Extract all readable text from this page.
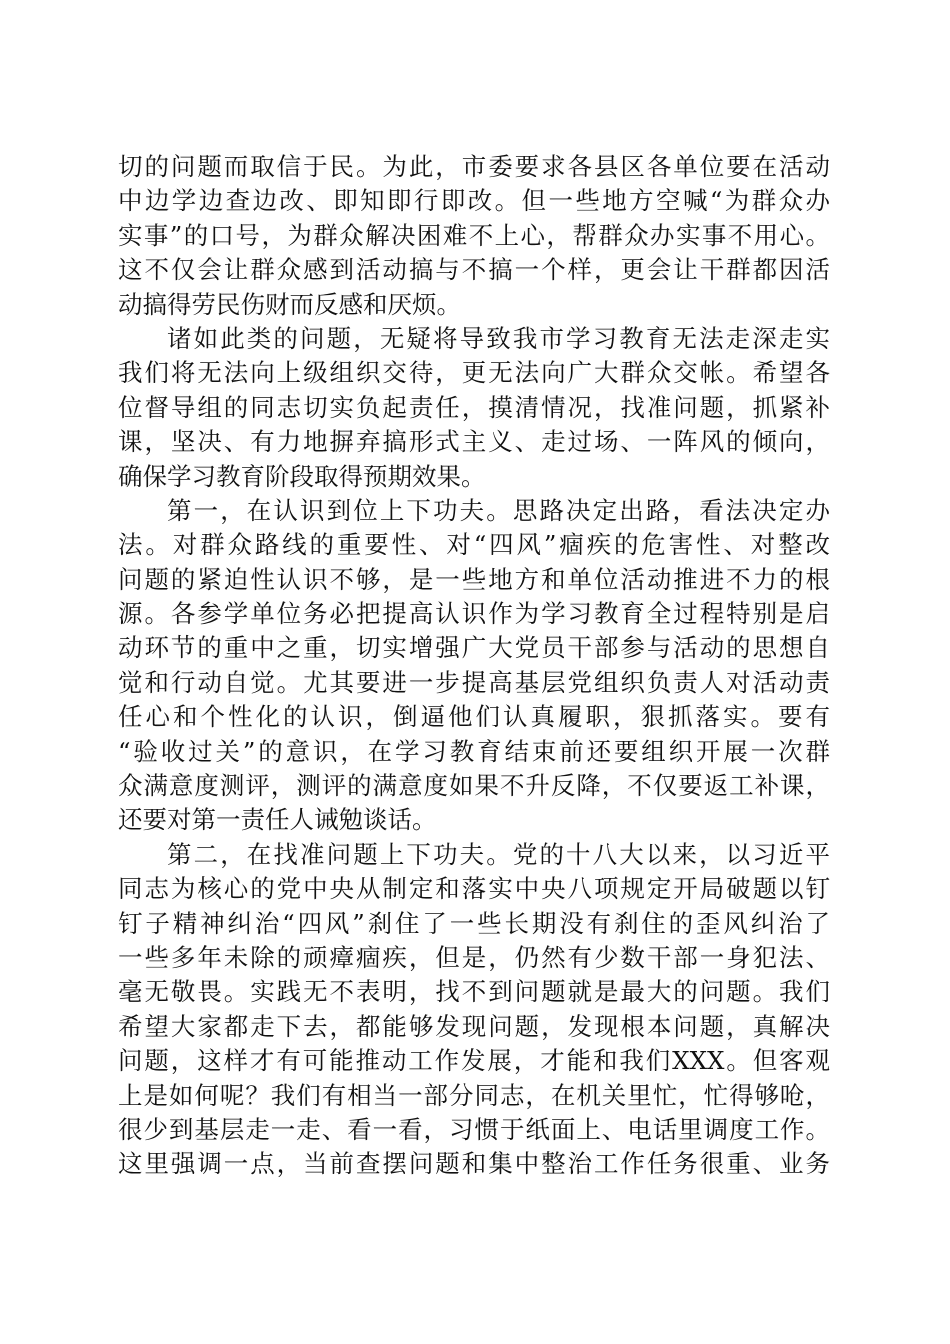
切的问题而取信于民。为此，市委要求各县区各单位要在活动
中边学边查边改、即知即行即改。但一些地方空喊“为群众办
实事”的口号，为群众解决困难不上心，帮群众办实事不用心。
这不仅会让群众感到活动搞与不搞一个样，更会让干群都因活
动搞得劳民伤财而反感和厌烦。
诸如此类的问题，无疑将导致我市学习教育无法走深走实
我们将无法向上级组织交待，更无法向广大群众交帐。希望各
位督导组的同志切实负起责任，摸清情况，找准问题，抓紧补
课，坚决、有力地摒弃搞形式主义、走过场、一阵风的倾向，
确保学习教育阶段取得预期效果。
第一，在认识到位上下功夫。思路决定出路，看法决定办
法。对群众路线的重要性、对“四风”痼疾的危害性、对整改
问题的紧迫性认识不够，是一些地方和单位活动推进不力的根
源。各参学单位务必把提高认识作为学习教育全过程特别是启
动环节的重中之重，切实增强广大党员干部参与活动的思想自
觉和行动自觉。尤其要进一步提高基层党组织负责人对活动责
任心和个性化的认识，倒逼他们认真履职，狠抓落实。要有
“验收过关”的意识，在学习教育结束前还要组织开展一次群
众满意度测评，测评的满意度如果不升反降，不仅要返工补课，
还要对第一责任人诫勉谈话。
第二，在找准问题上下功夫。党的十八大以来，以习近平
同志为核心的党中央从制定和落实中央八项规定开局破题以钉
钉子精神纠治“四风”刹住了一些长期没有刹住的歪风纠治了
一些多年未除的顽瘴痼疾，但是，仍然有少数干部一身犯法、
毫无敬畏。实践无不表明，找不到问题就是最大的问题。我们
希望大家都走下去，都能够发现问题，发现根本问题，真解决
问题，这样才有可能推动工作发展，才能和我们XXX。但客观
上是如何呢？我们有相当一部分同志，在机关里忙，忙得够呛，
很少到基层走一走、看一看，习惯于纸面上、电话里调度工作。
这里强调一点，当前查摆问题和集中整治工作任务很重、业务
